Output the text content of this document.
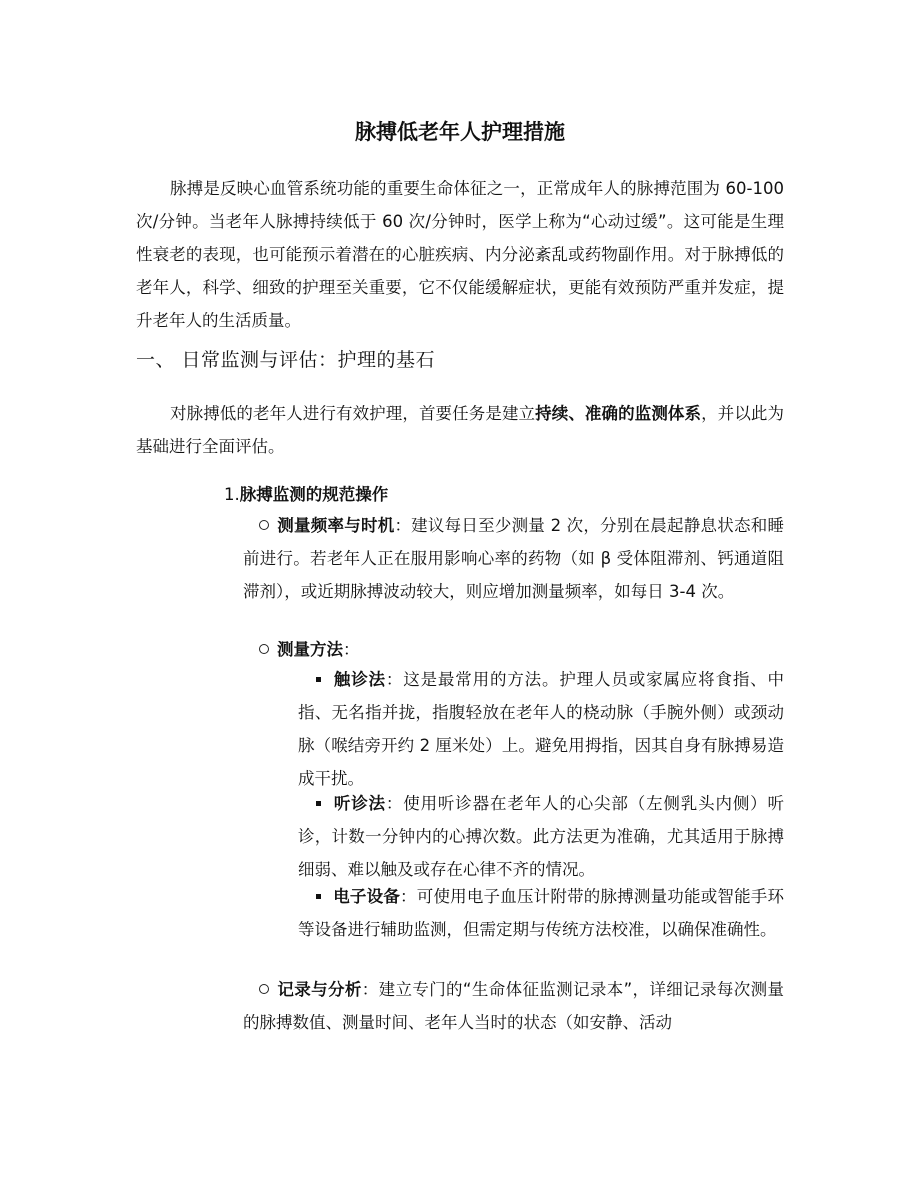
脉搏低老年人护理措施

脉搏是反映心血管系统功能的重要生命体征之一，正常成年人的脉搏范围为 60-100 次/分钟。当老年人脉搏持续低于 60 次/分钟时，医学上称为“心动过缓”。这可能是生理性衰老的表现，也可能预示着潜在的心脏疾病、内分泌紊乱或药物副作用。对于脉搏低的老年人，科学、细致的护理至关重要，它不仅能缓解症状，更能有效预防严重并发症，提升老年人的生活质量。

一、 日常监测与评估：护理的基石

对脉搏低的老年人进行有效护理，首要任务是建立持续、准确的监测体系，并以此为基础进行全面评估。

1.脉搏监测的规范操作

测量频率与时机：建议每日至少测量 2 次，分别在晨起静息状态和睡前进行。若老年人正在服用影响心率的药物（如 β 受体阻滞剂、钙通道阻滞剂），或近期脉搏波动较大，则应增加测量频率，如每日 3-4 次。

测量方法：

触诊法：这是最常用的方法。护理人员或家属应将食指、中指、无名指并拢，指腹轻放在老年人的桡动脉（手腕外侧）或颈动脉（喉结旁开约 2 厘米处）上。避免用拇指，因其自身有脉搏易造成干扰。

听诊法：使用听诊器在老年人的心尖部（左侧乳头内侧）听诊，计数一分钟内的心搏次数。此方法更为准确，尤其适用于脉搏细弱、难以触及或存在心律不齐的情况。

电子设备：可使用电子血压计附带的脉搏测量功能或智能手环等设备进行辅助监测，但需定期与传统方法校准，以确保准确性。

记录与分析：建立专门的“生命体征监测记录本”，详细记录每次测量的脉搏数值、测量时间、老年人当时的状态（如安静、活动
